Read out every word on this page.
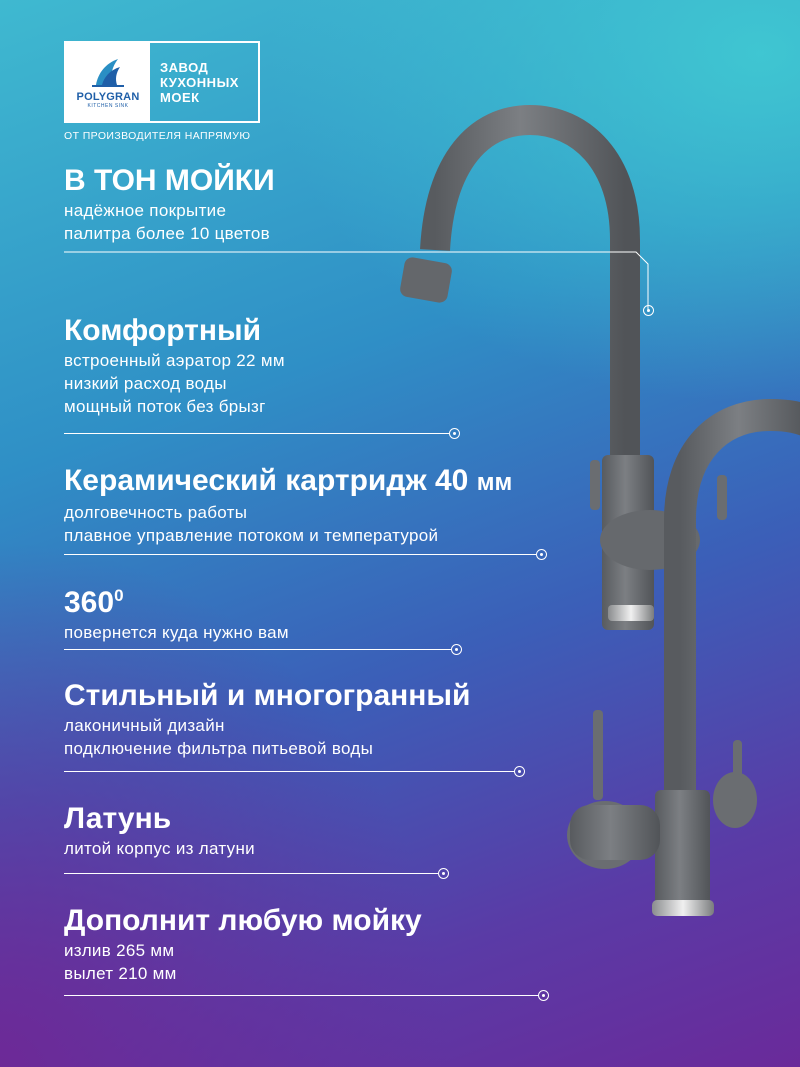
POLYGRAN
KITCHEN SINK
ЗАВОД
КУХОННЫХ
МОЕК
ОТ ПРОИЗВОДИТЕЛЯ НАПРЯМУЮ
В ТОН МОЙКИ
надёжное покрытие
палитра более 10 цветов
Комфортный
встроенный аэратор 22 мм
низкий расход воды
мощный поток без брызг
Керамический картридж 40 мм
долговечность работы
плавное управление потоком и температурой
$360^0$
повернется куда нужно вам
Стильный и многогранный
лаконичный дизайн
подключение фильтра питьевой воды
Латунь
литой корпус из латуни
Дополнит любую мойку
излив 265 мм
вылет 210 мм
